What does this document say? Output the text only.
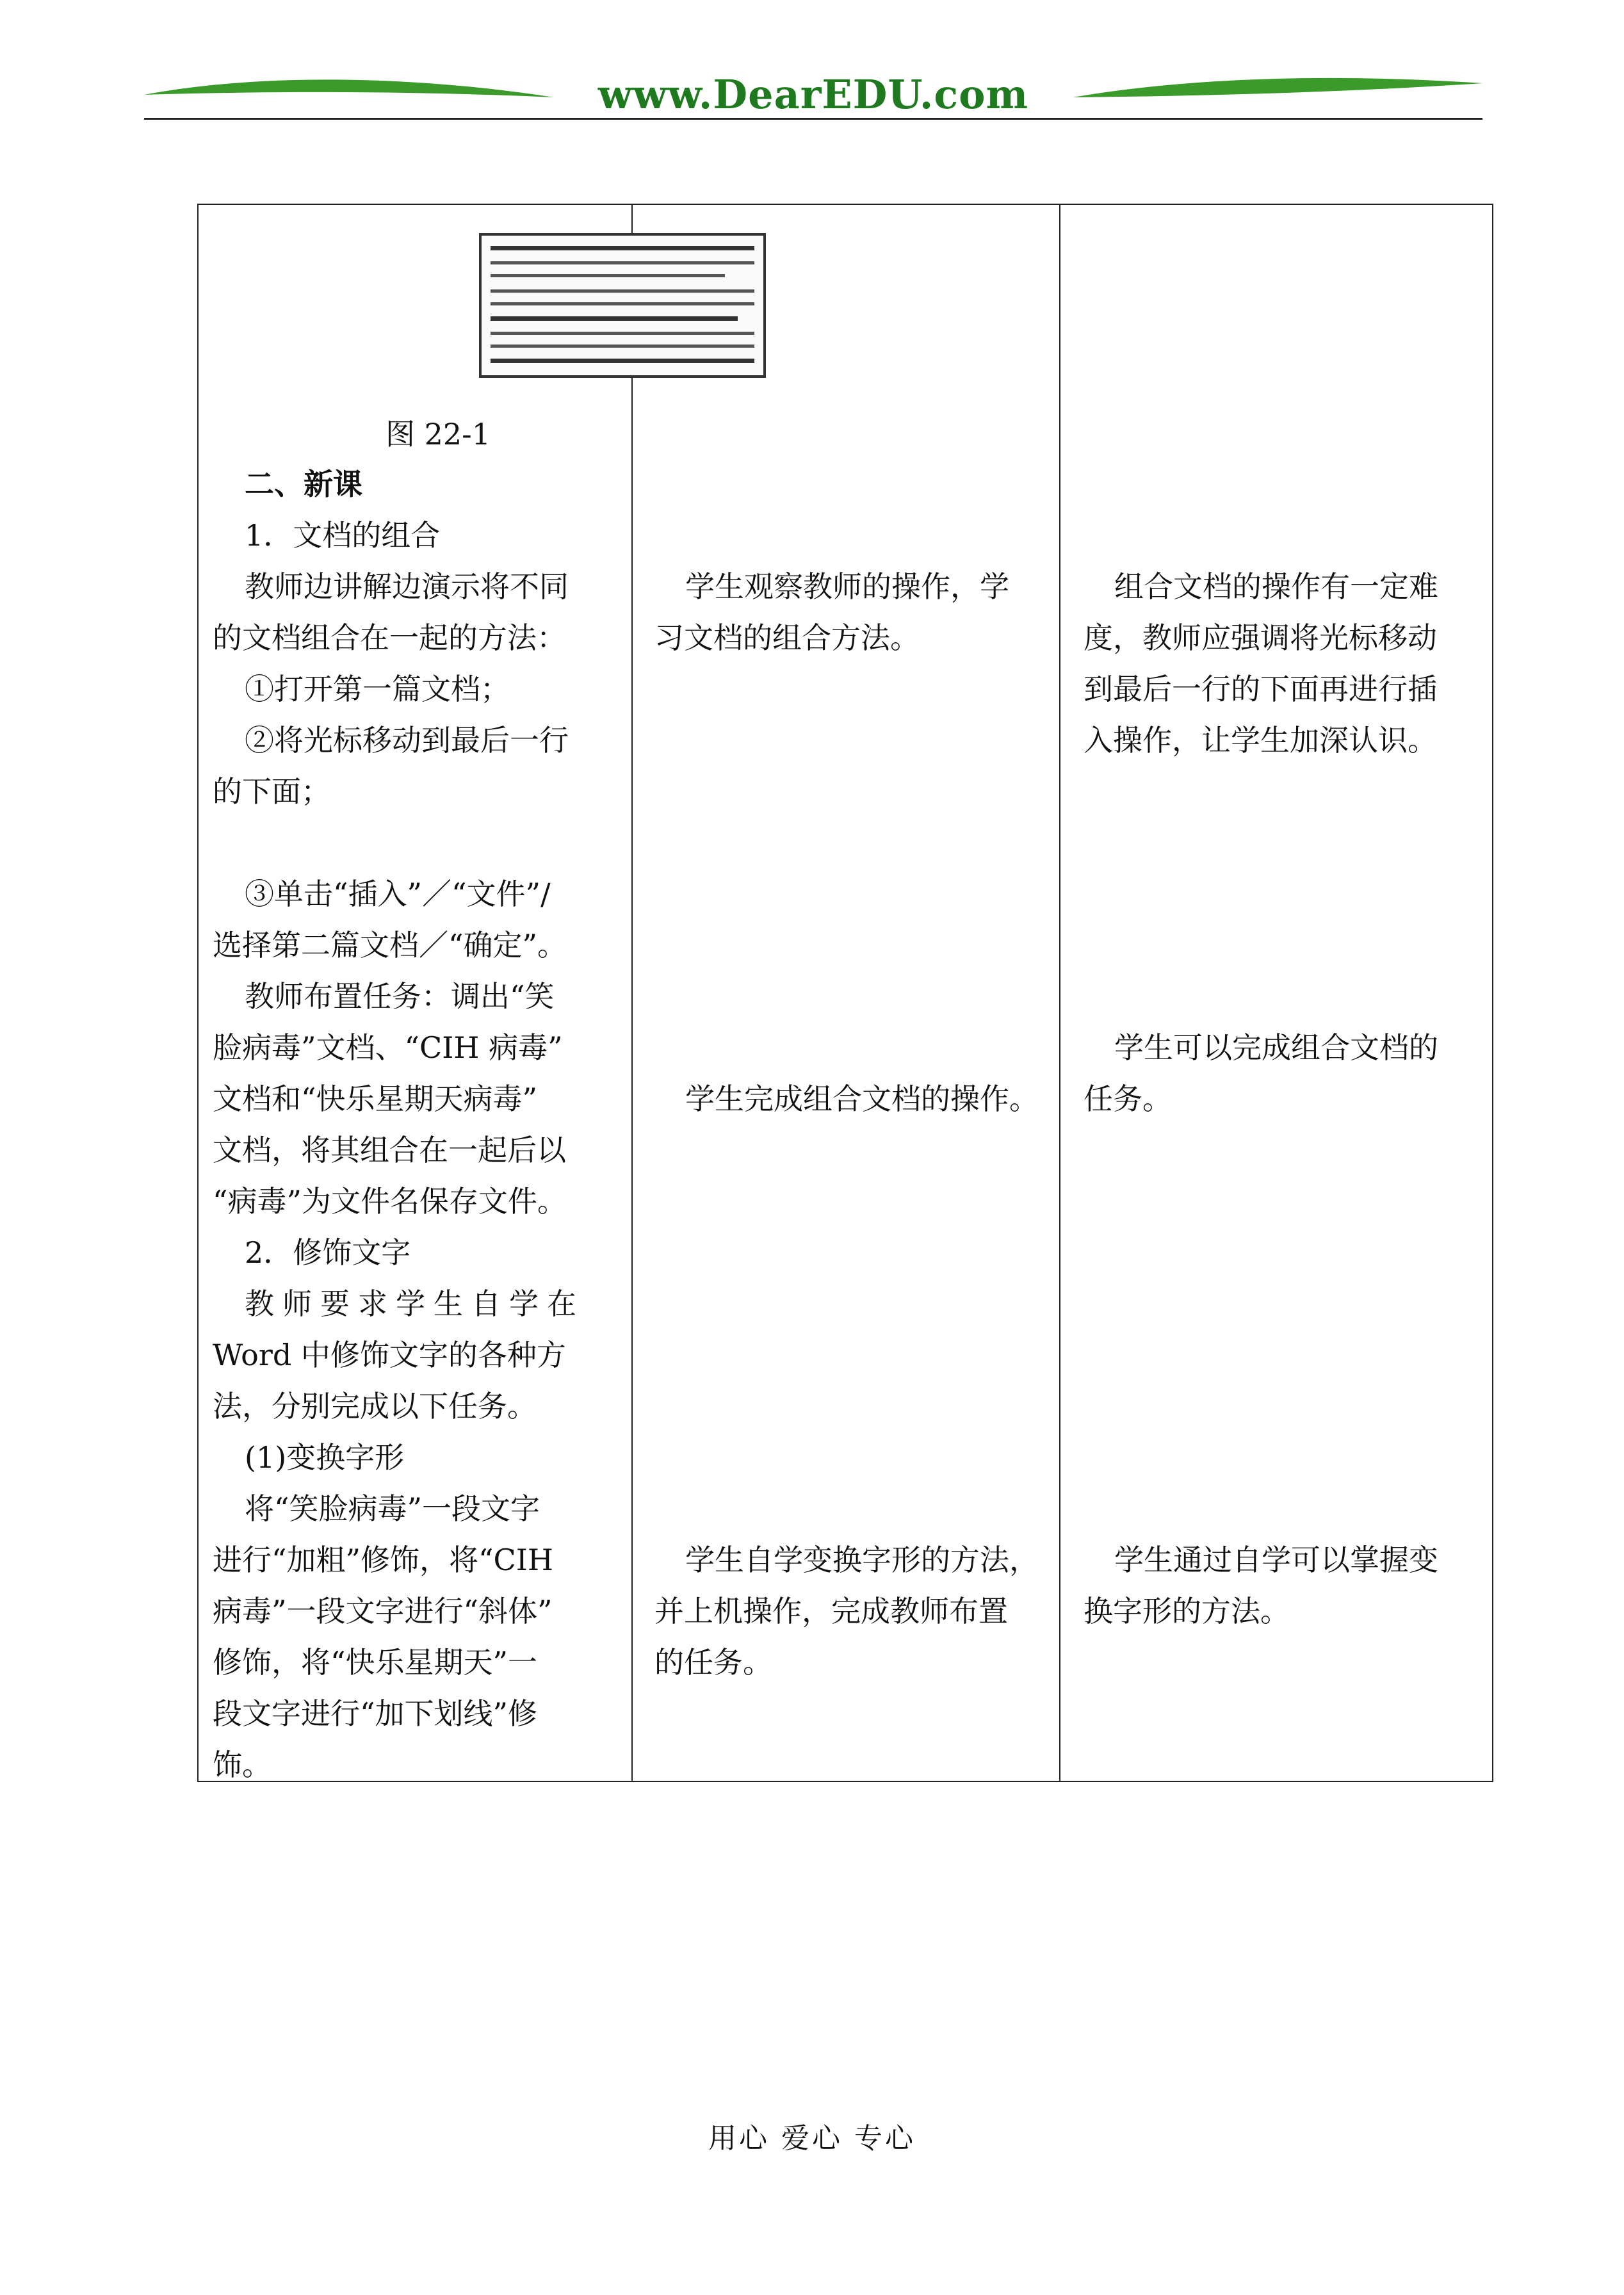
www.DearEDU.com
图 22-1
二、新课
1．文档的组合
教师边讲解边演示将不同
的文档组合在一起的方法：
①打开第一篇文档；
②将光标移动到最后一行
的下面；
③单击“插入”／“文件”/
选择第二篇文档／“确定”。
教师布置任务：调出“笑
脸病毒”文档、“CIH 病毒”
文档和“快乐星期天病毒”
文档，将其组合在一起后以
“病毒”为文件名保存文件。
2．修饰文字
教师要求学生自学在
Word 中修饰文字的各种方
法，分别完成以下任务。
(1)变换字形
将“笑脸病毒”一段文字
进行“加粗”修饰，将“CIH
病毒”一段文字进行“斜体”
修饰，将“快乐星期天”一
段文字进行“加下划线”修
饰。
学生观察教师的操作，学
习文档的组合方法。
学生完成组合文档的操作。
学生自学变换字形的方法，
并上机操作，完成教师布置
的任务。
组合文档的操作有一定难
度，教师应强调将光标移动
到最后一行的下面再进行插
入操作，让学生加深认识。
学生可以完成组合文档的
任务。
学生通过自学可以掌握变
换字形的方法。
用心 爱心 专心
